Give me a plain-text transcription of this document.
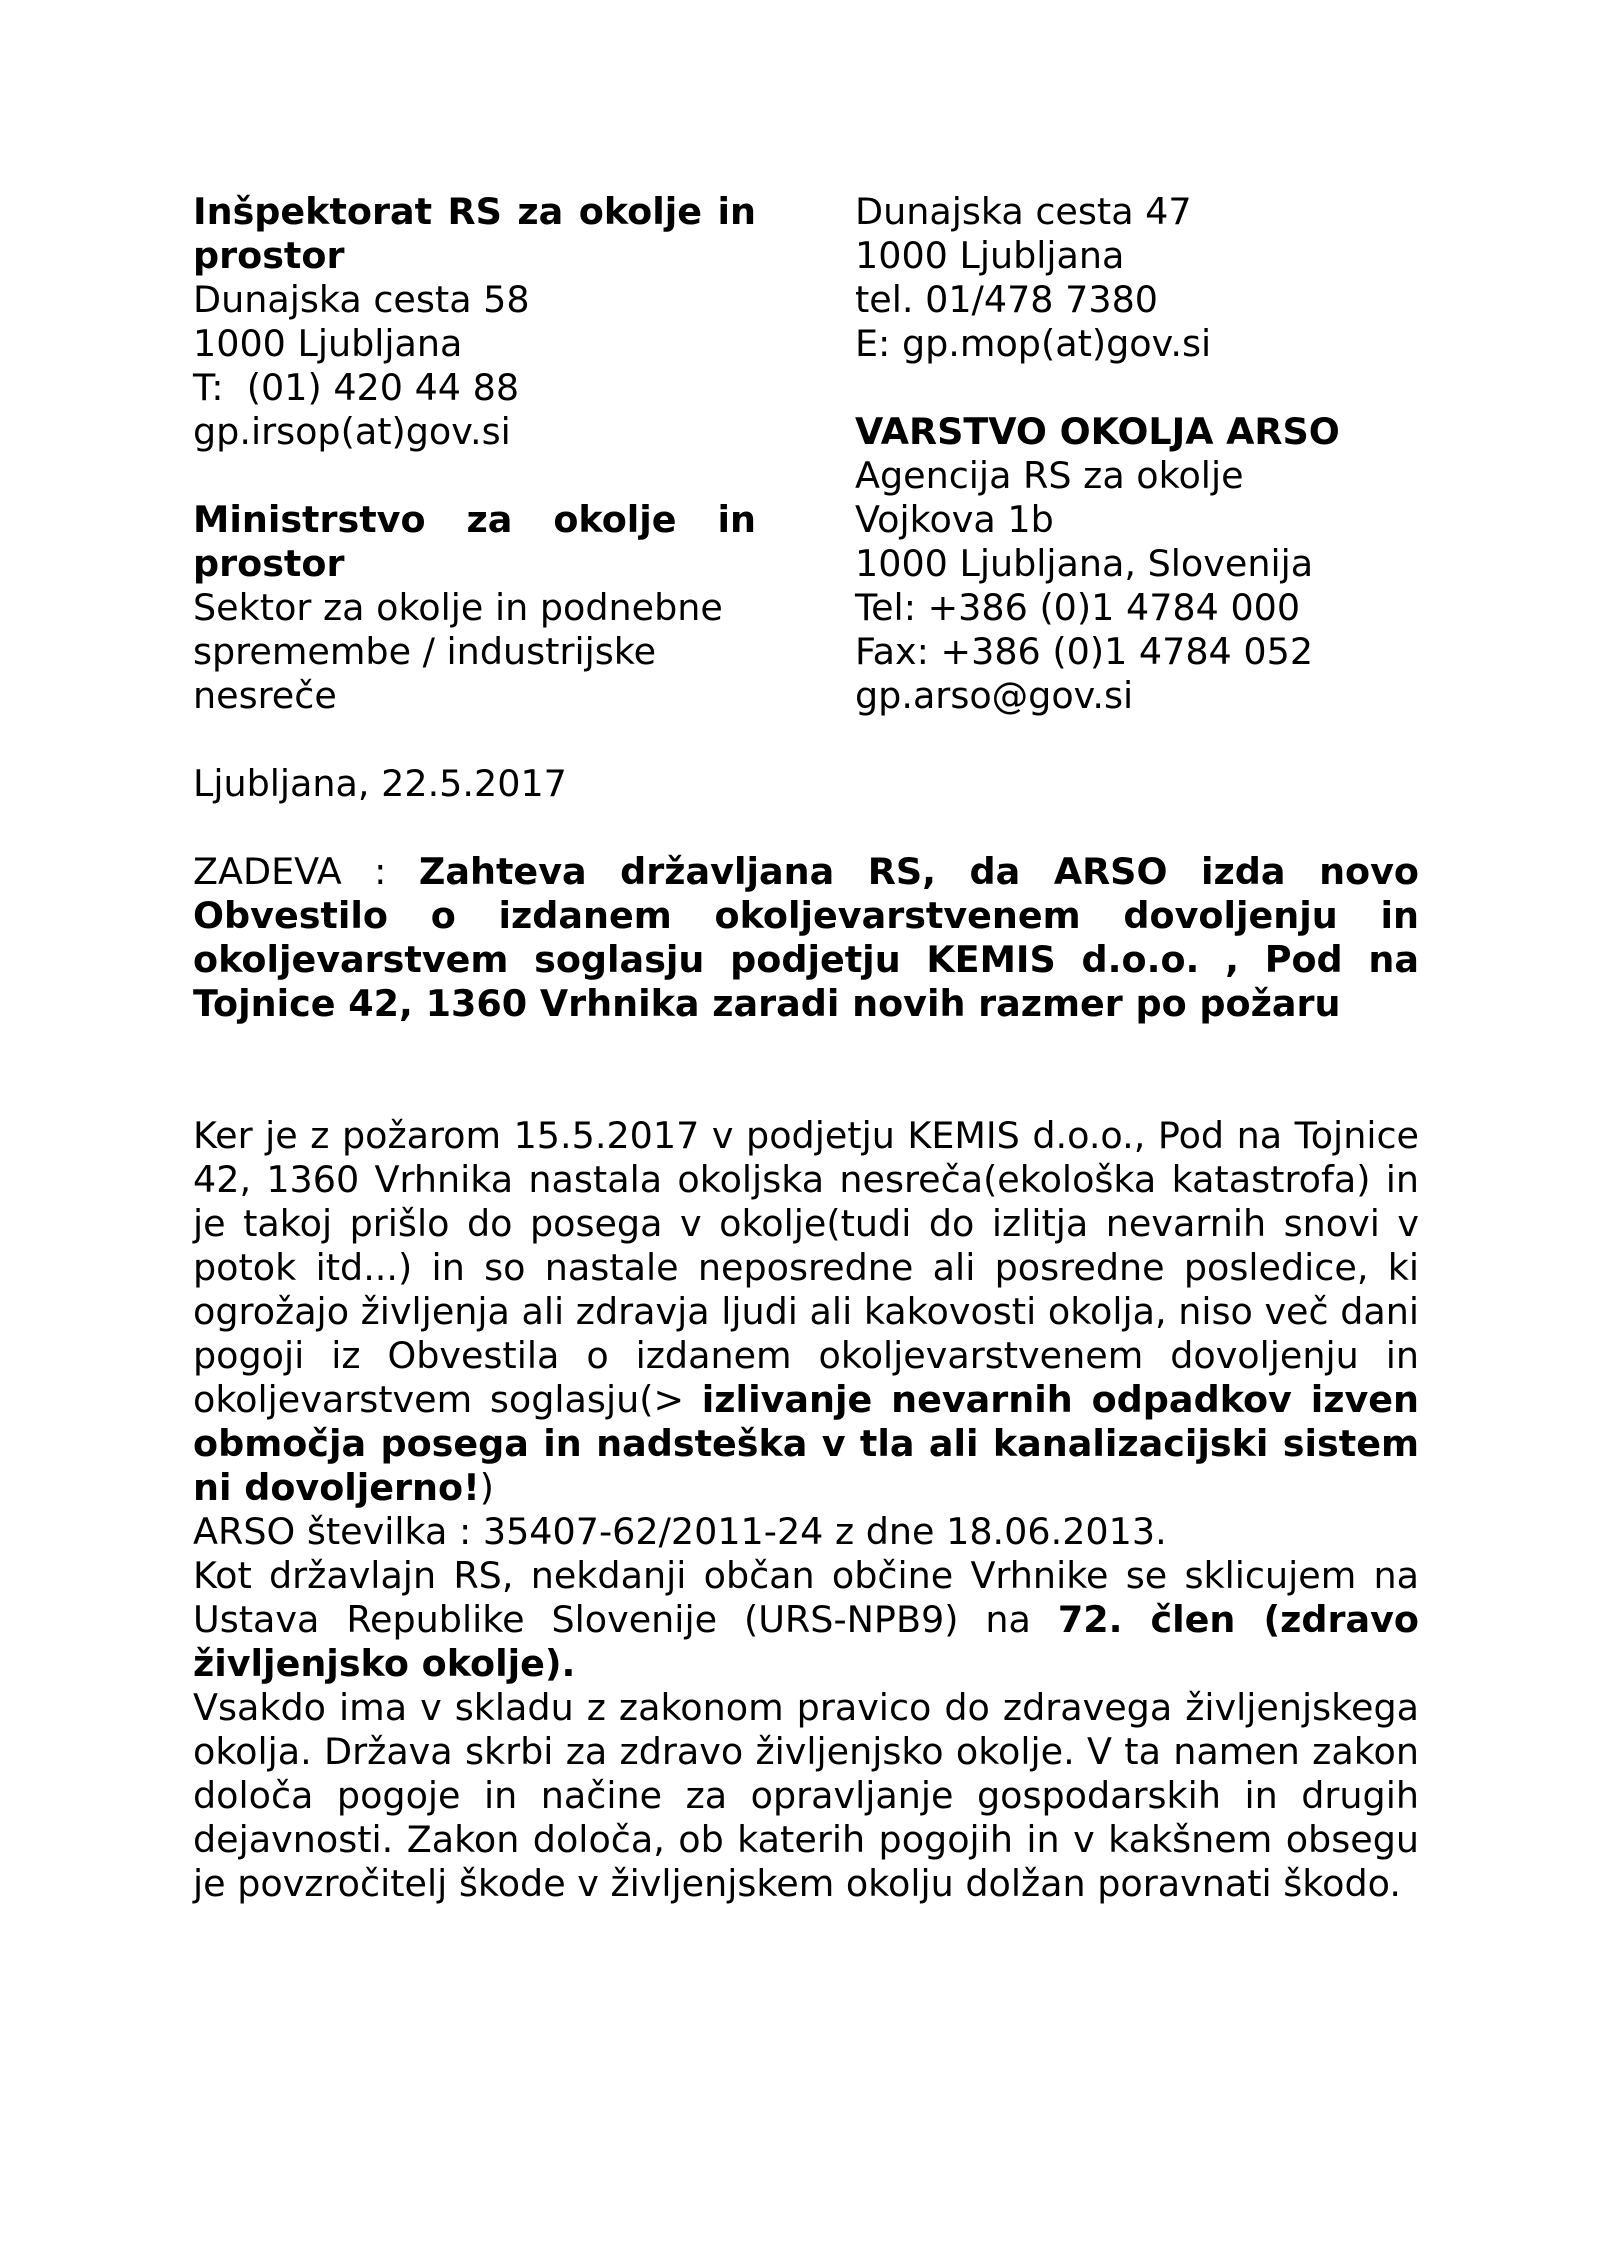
Inšpektorat RS za okolje in prostor
Dunajska cesta 58
1000 Ljubljana
T:  (01) 420 44 88
gp.irsop(at)gov.si
Ministrstvo za okolje in prostor
Sektor za okolje in podnebne spremembe / industrijske nesreče
Dunajska cesta 47
1000 Ljubljana
tel. 01/478 7380
E: gp.mop(at)gov.si
VARSTVO OKOLJA ARSO
Agencija RS za okolje
Vojkova 1b
1000 Ljubljana, Slovenija
Tel: +386 (0)1 4784 000
Fax: +386 (0)1 4784 052
gp.arso@gov.si
Ljubljana, 22.5.2017
ZADEVA : Zahteva državljana RS, da ARSO izda novo Obvestilo o izdanem okoljevarstvenem dovoljenju in okoljevarstvem soglasju podjetju KEMIS d.o.o. , Pod na Tojnice 42, 1360 Vrhnika zaradi novih razmer po požaru
Ker je z požarom 15.5.2017 v podjetju KEMIS d.o.o., Pod na Tojnice 42, 1360 Vrhnika nastala okoljska nesreča(ekološka katastrofa) in je takoj prišlo do posega v okolje(tudi do izlitja nevarnih snovi v potok itd...) in so nastale neposredne ali posredne posledice, ki ogrožajo življenja ali zdravja ljudi ali kakovosti okolja, niso več dani pogoji iz Obvestila o izdanem okoljevarstvenem dovoljenju in okoljevarstvem soglasju(> izlivanje nevarnih odpadkov izven območja posega in nadsteška v tla ali kanalizacijski sistem ni dovoljerno!)
ARSO številka : 35407-62/2011-24 z dne 18.06.2013.
Kot državlajn RS, nekdanji občan občine Vrhnike se sklicujem na Ustava Republike Slovenije (URS-NPB9) na 72. člen (zdravo življenjsko okolje).
Vsakdo ima v skladu z zakonom pravico do zdravega življenjskega okolja. Država skrbi za zdravo življenjsko okolje. V ta namen zakon določa pogoje in načine za opravljanje gospodarskih in drugih dejavnosti. Zakon določa, ob katerih pogojih in v kakšnem obsegu je povzročitelj škode v življenjskem okolju dolžan poravnati škodo.
